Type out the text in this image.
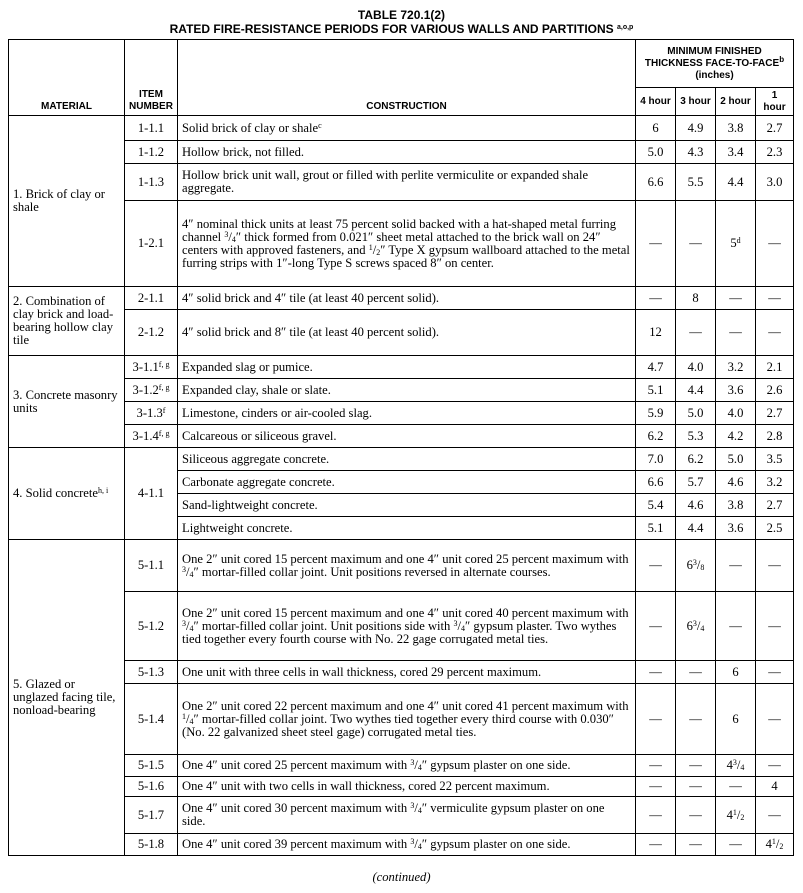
TABLE 720.1(2)
RATED FIRE-RESISTANCE PERIODS FOR VARIOUS WALLS AND PARTITIONS $^{a,o,p}$
MATERIAL	ITEM NUMBER	CONSTRUCTION	MINIMUM FINISHED THICKNESS FACE-TO-FACE$^b$
(inches)			
			4 hour	3 hour	2 hour	1 hour
1. Brick of clay or shale	1-1.1	Solid brick of clay or shale$^c$	6	4.9	3.8	2.7
	1-1.2	Hollow brick, not filled.	5.0	4.3	3.4	2.3
	1-1.3	Hollow brick unit wall, grout or filled with perlite vermiculite or expanded shale aggregate.	6.6	5.5	4.4	3.0
	1-2.1	4″ nominal thick units at least 75 percent solid backed with a hat-shaped metal furring channel $^3/_4''$ thick formed from 0.021″ sheet metal attached to the brick wall on 24″ centers with approved fasteners, and $^1/_2''$ Type X gypsum wallboard attached to the metal furring strips with 1″-long Type S screws spaced 8″ on center.	—	—	5$^d$	—
2. Combination of clay brick and load-bearing hollow clay tile	2-1.1	4″ solid brick and 4″ tile (at least 40 percent solid).	—	8	—	—
	2-1.2	4″ solid brick and 8″ tile (at least 40 percent solid).	12	—	—	—
3. Concrete masonry units	3-1.1$^{f, g}$	Expanded slag or pumice.	4.7	4.0	3.2	2.1
	3-1.2$^{f, g}$	Expanded clay, shale or slate.	5.1	4.4	3.6	2.6
	3-1.3$^f$	Limestone, cinders or air-cooled slag.	5.9	5.0	4.0	2.7
	3-1.4$^{f, g}$	Calcareous or siliceous gravel.	6.2	5.3	4.2	2.8
4. Solid concrete$^{h, i}$	4-1.1	Siliceous aggregate concrete.	7.0	6.2	5.0	3.5
		Carbonate aggregate concrete.	6.6	5.7	4.6	3.2
		Sand-lightweight concrete.	5.4	4.6	3.8	2.7
		Lightweight concrete.	5.1	4.4	3.6	2.5
5. Glazed or unglazed facing tile, nonload-bearing	5-1.1	One 2″ unit cored 15 percent maximum and one 4″ unit cored 25 percent maximum with $^3/_4''$ mortar-filled collar joint. Unit positions reversed in alternate courses.	—	$6^3/_8$	—	—
	5-1.2	One 2″ unit cored 15 percent maximum and one 4″ unit cored 40 percent maximum with $^3/_4''$ mortar-filled collar joint. Unit positions side with $^3/_4''$ gypsum plaster. Two wythes tied together every fourth course with No. 22 gage corrugated metal ties.	—	$6^3/_4$	—	—
	5-1.3	One unit with three cells in wall thickness, cored 29 percent maximum.	—	—	6	—
	5-1.4	One 2″ unit cored 22 percent maximum and one 4″ unit cored 41 percent maximum with $^1/_4''$ mortar-filled collar joint. Two wythes tied together every third course with 0.030″ (No. 22 galvanized sheet steel gage) corrugated metal ties.	—	—	6	—
	5-1.5	One 4″ unit cored 25 percent maximum with $^3/_4''$ gypsum plaster on one side.	—	—	$4^3/_4$	—
	5-1.6	One 4″ unit with two cells in wall thickness, cored 22 percent maximum.	—	—	—	4
	5-1.7	One 4″ unit cored 30 percent maximum with $^3/_4''$ vermiculite gypsum plaster on one side.	—	—	$4^1/_2$	—
	5-1.8	One 4″ unit cored 39 percent maximum with $^3/_4''$ gypsum plaster on one side.	—	—	—	$4^1/_2$
(continued)
